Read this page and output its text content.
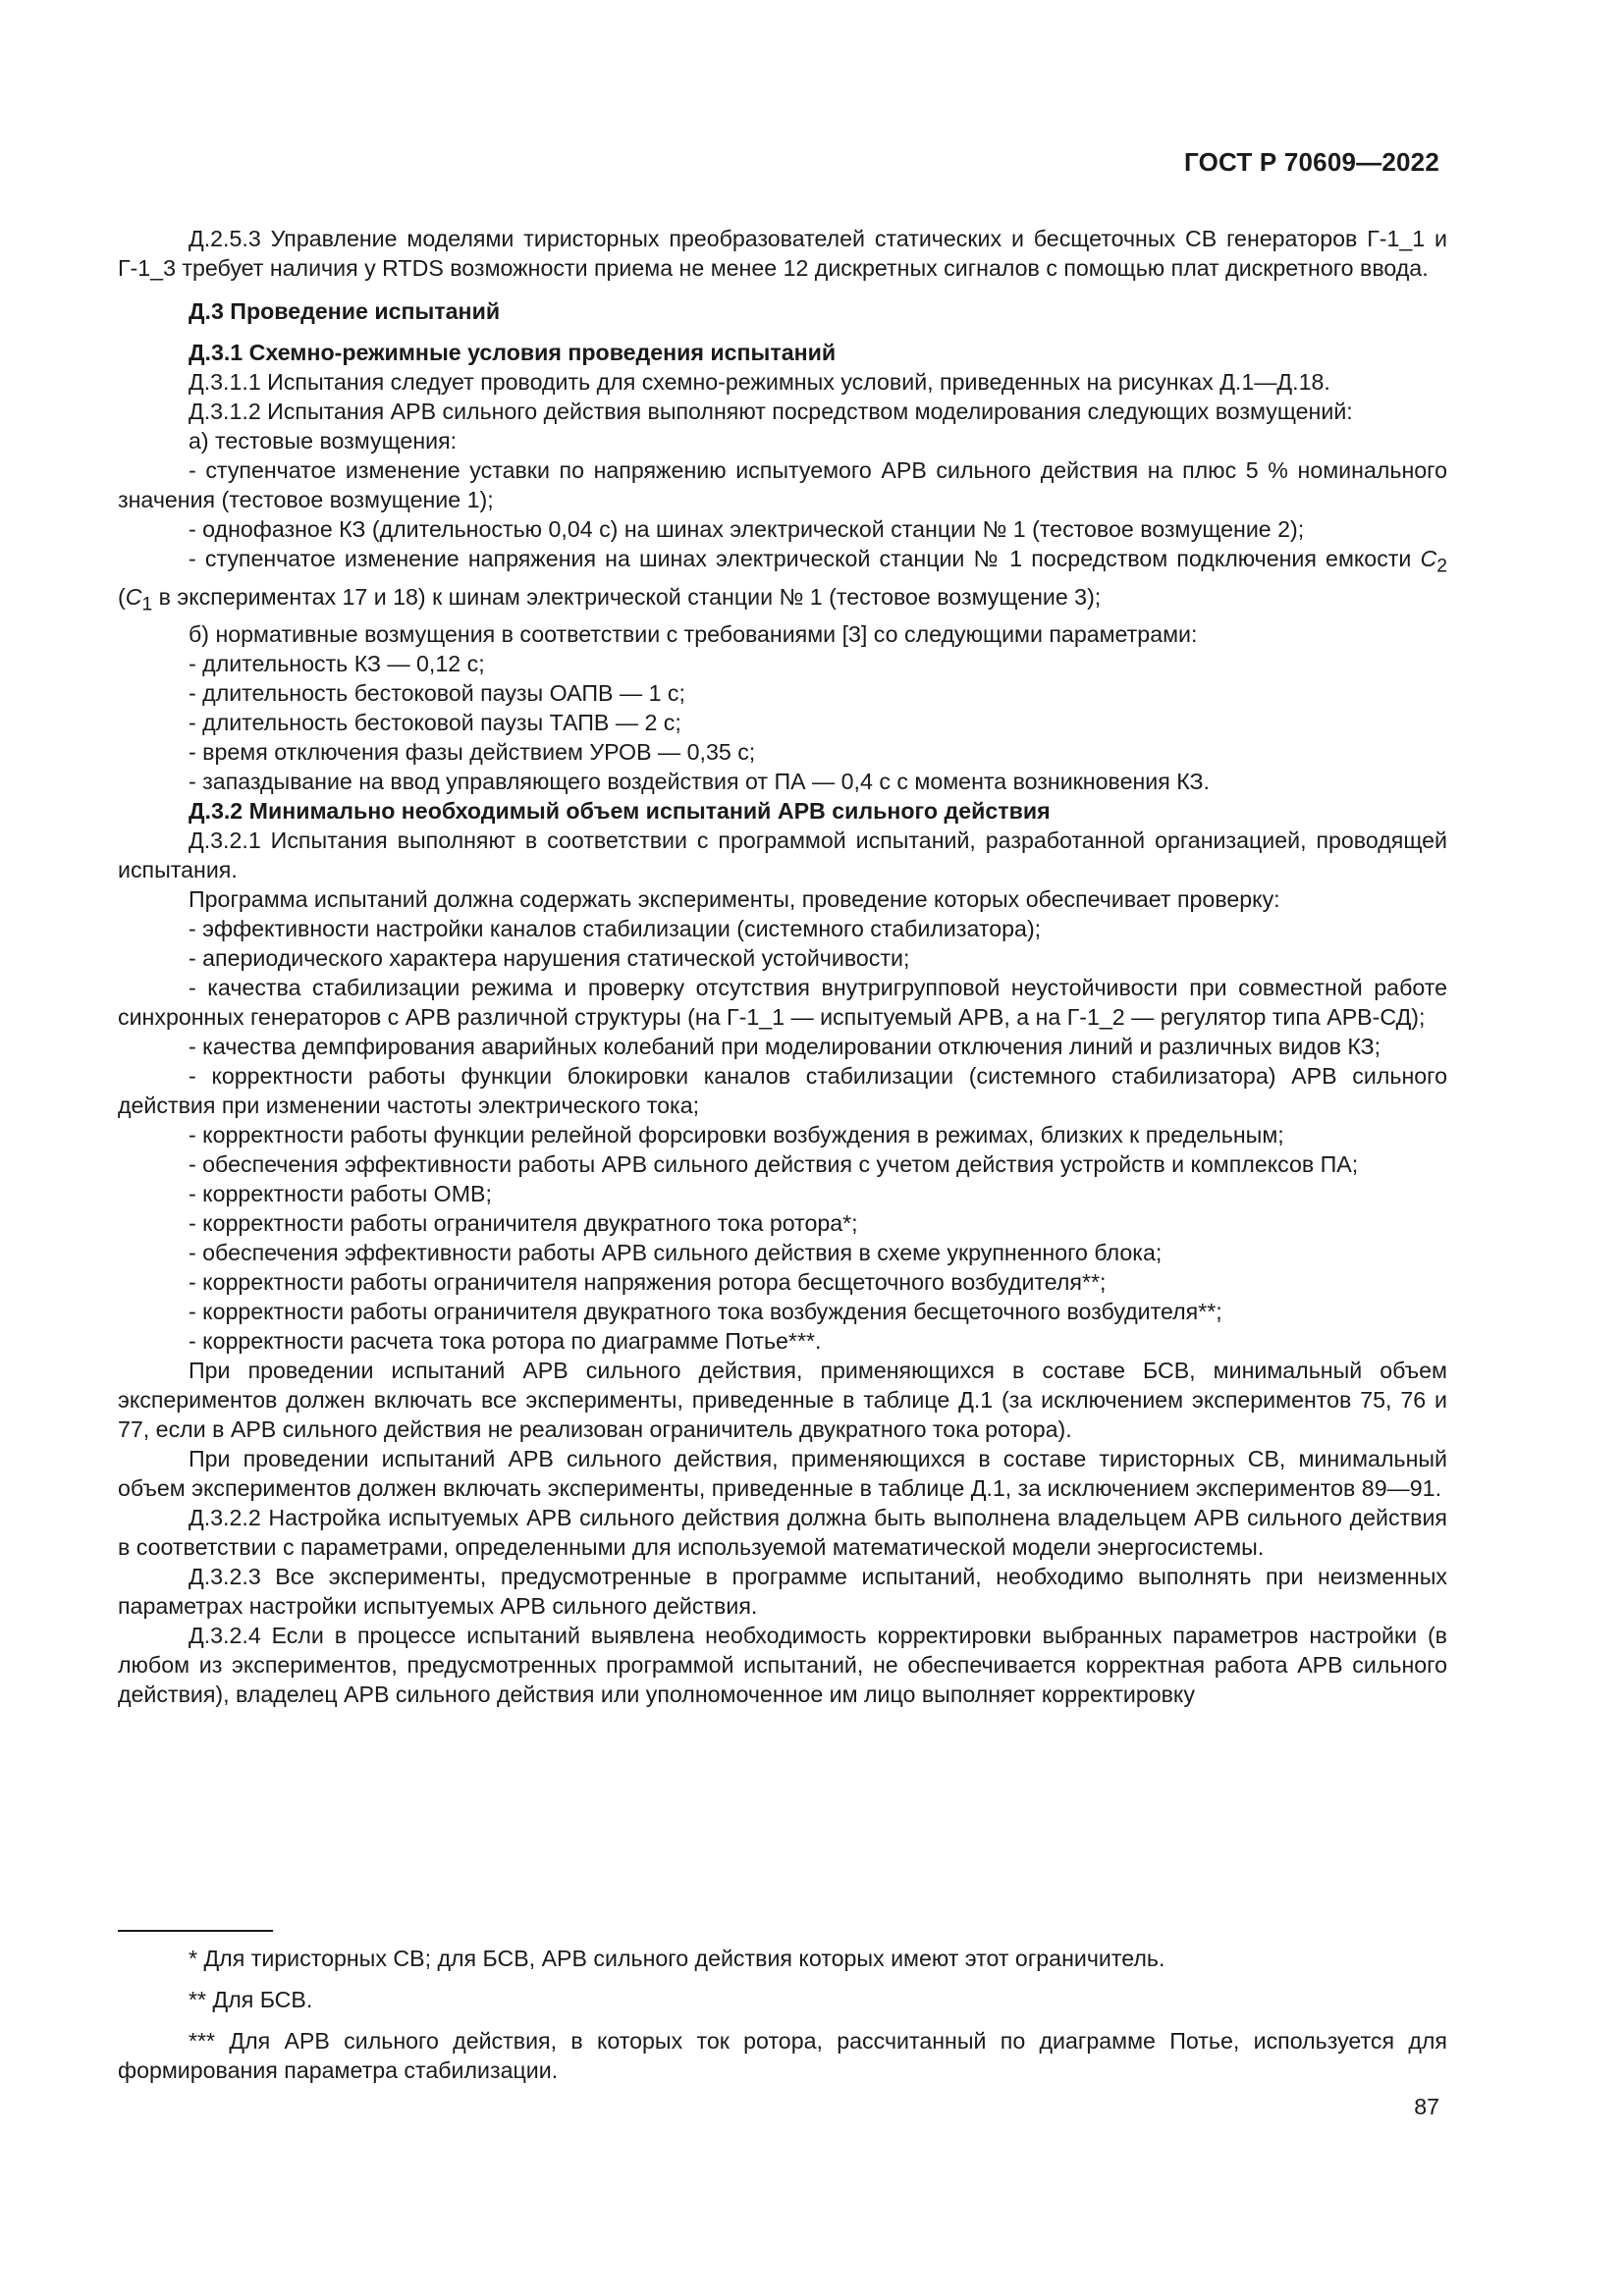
ГОСТ Р 70609—2022

Д.2.5.3 Управление моделями тиристорных преобразователей статических и бесщеточных СВ генераторов Г-1_1 и Г-1_3 требует наличия у RTDS возможности приема не менее 12 дискретных сигналов с помощью плат дискретного ввода.

Д.3 Проведение испытаний

Д.3.1 Схемно-режимные условия проведения испытаний

Д.3.1.1 Испытания следует проводить для схемно-режимных условий, приведенных на рисунках Д.1—Д.18.

Д.3.1.2 Испытания АРВ сильного действия выполняют посредством моделирования следующих возмущений:

а) тестовые возмущения:

- ступенчатое изменение уставки по напряжению испытуемого АРВ сильного действия на плюс 5 % номинального значения (тестовое возмущение 1);

- однофазное КЗ (длительностью 0,04 с) на шинах электрической станции № 1 (тестовое возмущение 2);

- ступенчатое изменение напряжения на шинах электрической станции № 1 посредством подключения емкости $C_2$ ($C_1$ в экспериментах 17 и 18) к шинам электрической станции № 1 (тестовое возмущение 3);

б) нормативные возмущения в соответствии с требованиями [3] со следующими параметрами:

- длительность КЗ — 0,12 с;

- длительность бестоковой паузы ОАПВ — 1 с;

- длительность бестоковой паузы ТАПВ — 2 с;

- время отключения фазы действием УРОВ — 0,35 с;

- запаздывание на ввод управляющего воздействия от ПА — 0,4 с с момента возникновения КЗ.

Д.3.2 Минимально необходимый объем испытаний АРВ сильного действия

Д.3.2.1 Испытания выполняют в соответствии с программой испытаний, разработанной организацией, проводящей испытания.

Программа испытаний должна содержать эксперименты, проведение которых обеспечивает проверку:

- эффективности настройки каналов стабилизации (системного стабилизатора);

- апериодического характера нарушения статической устойчивости;

- качества стабилизации режима и проверку отсутствия внутригрупповой неустойчивости при совместной работе синхронных генераторов с АРВ различной структуры (на Г-1_1 — испытуемый АРВ, а на Г-1_2 — регулятор типа АРВ-СД);

- качества демпфирования аварийных колебаний при моделировании отключения линий и различных видов КЗ;

- корректности работы функции блокировки каналов стабилизации (системного стабилизатора) АРВ сильного действия при изменении частоты электрического тока;

- корректности работы функции релейной форсировки возбуждения в режимах, близких к предельным;

- обеспечения эффективности работы АРВ сильного действия с учетом действия устройств и комплексов ПА;

- корректности работы ОМВ;

- корректности работы ограничителя двукратного тока ротора*;

- обеспечения эффективности работы АРВ сильного действия в схеме укрупненного блока;

- корректности работы ограничителя напряжения ротора бесщеточного возбудителя**;

- корректности работы ограничителя двукратного тока возбуждения бесщеточного возбудителя**;

- корректности расчета тока ротора по диаграмме Потье***.

При проведении испытаний АРВ сильного действия, применяющихся в составе БСВ, минимальный объем экспериментов должен включать все эксперименты, приведенные в таблице Д.1 (за исключением экспериментов 75, 76 и 77, если в АРВ сильного действия не реализован ограничитель двукратного тока ротора).

При проведении испытаний АРВ сильного действия, применяющихся в составе тиристорных СВ, минимальный объем экспериментов должен включать эксперименты, приведенные в таблице Д.1, за исключением экспериментов 89—91.

Д.3.2.2 Настройка испытуемых АРВ сильного действия должна быть выполнена владельцем АРВ сильного действия в соответствии с параметрами, определенными для используемой математической модели энергосистемы.

Д.3.2.3 Все эксперименты, предусмотренные в программе испытаний, необходимо выполнять при неизменных параметрах настройки испытуемых АРВ сильного действия.

Д.3.2.4 Если в процессе испытаний выявлена необходимость корректировки выбранных параметров настройки (в любом из экспериментов, предусмотренных программой испытаний, не обеспечивается корректная работа АРВ сильного действия), владелец АРВ сильного действия или уполномоченное им лицо выполняет корректировку

* Для тиристорных СВ; для БСВ, АРВ сильного действия которых имеют этот ограничитель.

** Для БСВ.

*** Для АРВ сильного действия, в которых ток ротора, рассчитанный по диаграмме Потье, используется для формирования параметра стабилизации.

87
